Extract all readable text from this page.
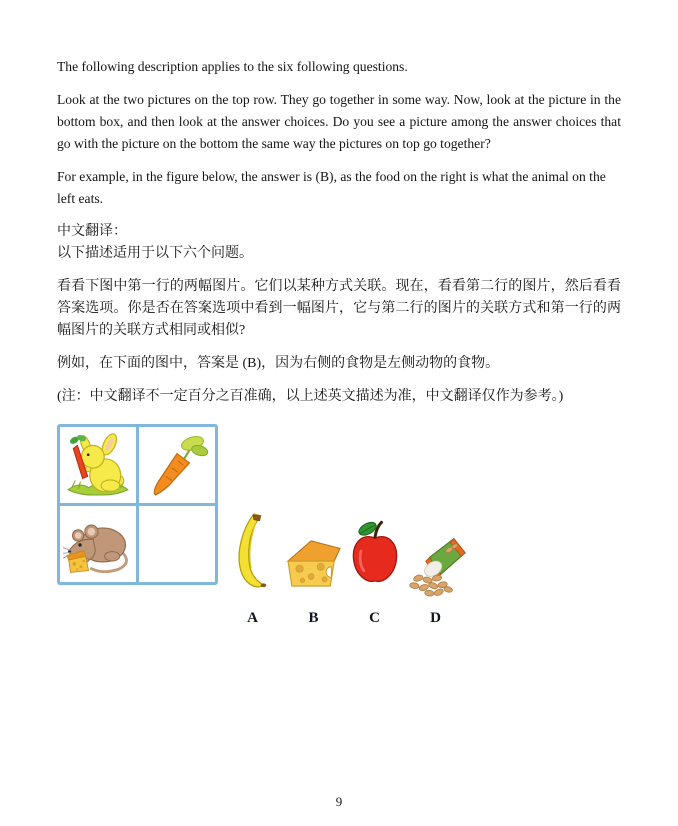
The following description applies to the six following questions.

Look at the two pictures on the top row. They go together in some way. Now, look at the picture in the bottom box, and then look at the answer choices. Do you see a picture among the answer choices that go with the picture on the bottom the same way the pictures on top go together?

For example, in the figure below, the answer is (B), as the food on the right is what the animal on the left eats.

中文翻译：

以下描述适用于以下六个问题。

看看下图中第一行的两幅图片。它们以某种方式关联。现在，看看第二行的图片，然后看看答案选项。你是否在答案选项中看到一幅图片，它与第二行的图片的关联方式和第一行的两幅图片的关联方式相同或相似?

例如，在下面的图中，答案是 (B)，因为右侧的食物是左侧动物的食物。

(注：中文翻译不一定百分之百准确，以上述英文描述为准，中文翻译仅作为参考。)

A	B	C	D
9
